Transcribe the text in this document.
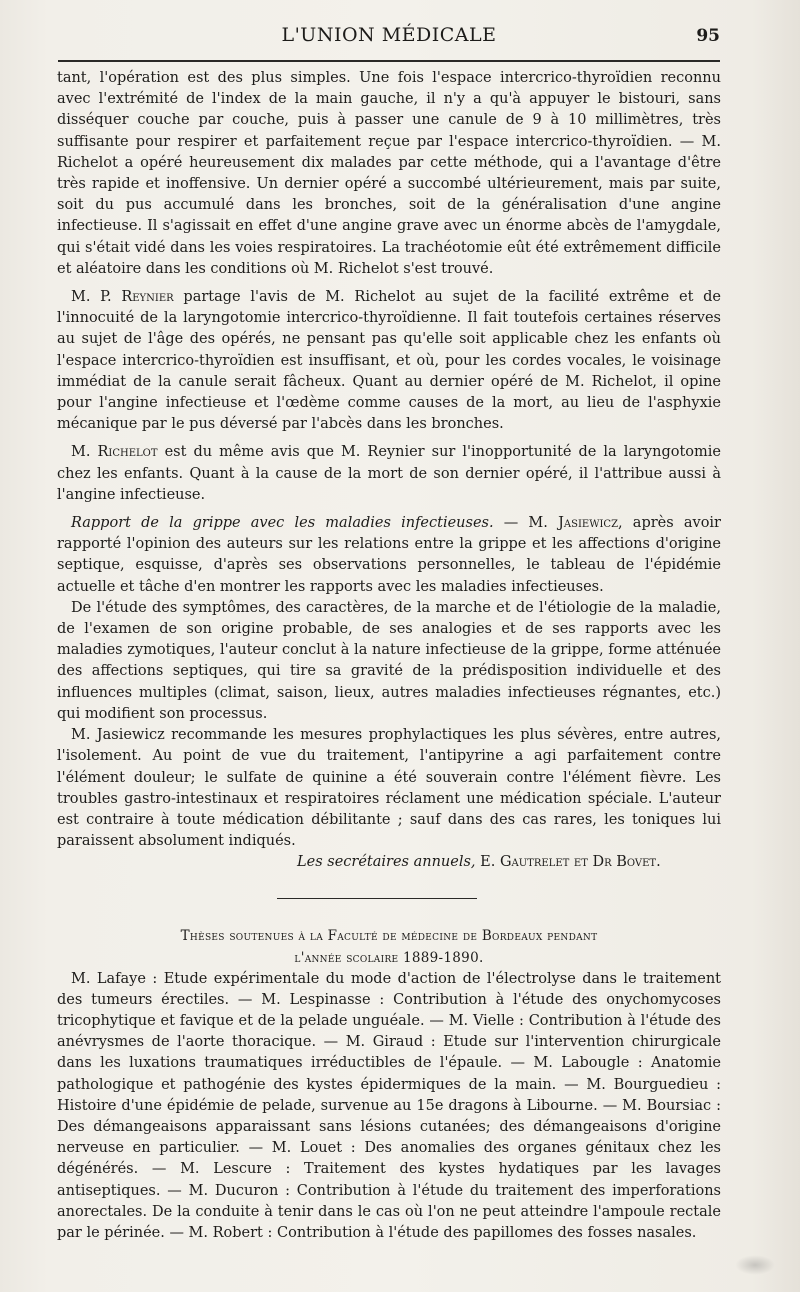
L'UNION MÉDICALE	95

tant, l'opération est des plus simples. Une fois l'espace intercrico-thyroïdien reconnu avec l'extrémité de l'index de la main gauche, il n'y a qu'à appuyer le bistouri, sans disséquer couche par couche, puis à passer une canule de 9 à 10 millimètres, très suffisante pour respirer et parfaitement reçue par l'espace intercrico-thyroïdien. — M. Richelot a opéré heureusement dix malades par cette méthode, qui a l'avantage d'être très rapide et inoffensive. Un dernier opéré a succombé ultérieurement, mais par suite, soit du pus accumulé dans les bronches, soit de la généralisation d'une angine infectieuse. Il s'agissait en effet d'une angine grave avec un énorme abcès de l'amygdale, qui s'était vidé dans les voies respiratoires. La trachéotomie eût été extrêmement difficile et aléatoire dans les conditions où M. Richelot s'est trouvé.

M. P. Reynier partage l'avis de M. Richelot au sujet de la facilité extrême et de l'innocuité de la laryngotomie intercrico-thyroïdienne. Il fait toutefois certaines réserves au sujet de l'âge des opérés, ne pensant pas qu'elle soit applicable chez les enfants où l'espace intercrico-thyroïdien est insuffisant, et où, pour les cordes vocales, le voisinage immédiat de la canule serait fâcheux. Quant au dernier opéré de M. Richelot, il opine pour l'angine infectieuse et l'œdème comme causes de la mort, au lieu de l'asphyxie mécanique par le pus déversé par l'abcès dans les bronches.

M. Richelot est du même avis que M. Reynier sur l'inopportunité de la laryngotomie chez les enfants. Quant à la cause de la mort de son dernier opéré, il l'attribue aussi à l'angine infectieuse.

Rapport de la grippe avec les maladies infectieuses. — M. Jasiewicz, après avoir rapporté l'opinion des auteurs sur les relations entre la grippe et les affections d'origine septique, esquisse, d'après ses observations personnelles, le tableau de l'épidémie actuelle et tâche d'en montrer les rapports avec les maladies infectieuses.

De l'étude des symptômes, des caractères, de la marche et de l'étiologie de la maladie, de l'examen de son origine probable, de ses analogies et de ses rapports avec les maladies zymotiques, l'auteur conclut à la nature infectieuse de la grippe, forme atténuée des affections septiques, qui tire sa gravité de la prédisposition individuelle et des influences multiples (climat, saison, lieux, autres maladies infectieuses régnantes, etc.) qui modifient son processus.

M. Jasiewicz recommande les mesures prophylactiques les plus sévères, entre autres, l'isolement. Au point de vue du traitement, l'antipyrine a agi parfaitement contre l'élément douleur; le sulfate de quinine a été souverain contre l'élément fièvre. Les troubles gastro-intestinaux et respiratoires réclament une médication spéciale. L'auteur est contraire à toute médication débilitante ; sauf dans des cas rares, les toniques lui paraissent absolument indiqués.

Les secrétaires annuels, E. Gautrelet et Dr Bovet.

Thèses soutenues à la Faculté de médecine de Bordeaux pendant
l'année scolaire 1889-1890.

M. Lafaye : Etude expérimentale du mode d'action de l'électrolyse dans le traitement des tumeurs érectiles. — M. Lespinasse : Contribution à l'étude des onychomycoses tricophytique et favique et de la pelade unguéale. — M. Vielle : Contribution à l'étude des anévrysmes de l'aorte thoracique. — M. Giraud : Etude sur l'intervention chirurgicale dans les luxations traumatiques irréductibles de l'épaule. — M. Labougle : Anatomie pathologique et pathogénie des kystes épidermiques de la main. — M. Bourguedieu : Histoire d'une épidémie de pelade, survenue au 15e dragons à Libourne. — M. Boursiac : Des démangeaisons apparaissant sans lésions cutanées; des démangeaisons d'origine nerveuse en particulier. — M. Louet : Des anomalies des organes génitaux chez les dégénérés. — M. Lescure : Traitement des kystes hydatiques par les lavages antiseptiques. — M. Ducuron : Contribution à l'étude du traitement des imperforations anorectales. De la conduite à tenir dans le cas où l'on ne peut atteindre l'ampoule rectale par le périnée. — M. Robert : Contribution à l'étude des papillomes des fosses nasales.
